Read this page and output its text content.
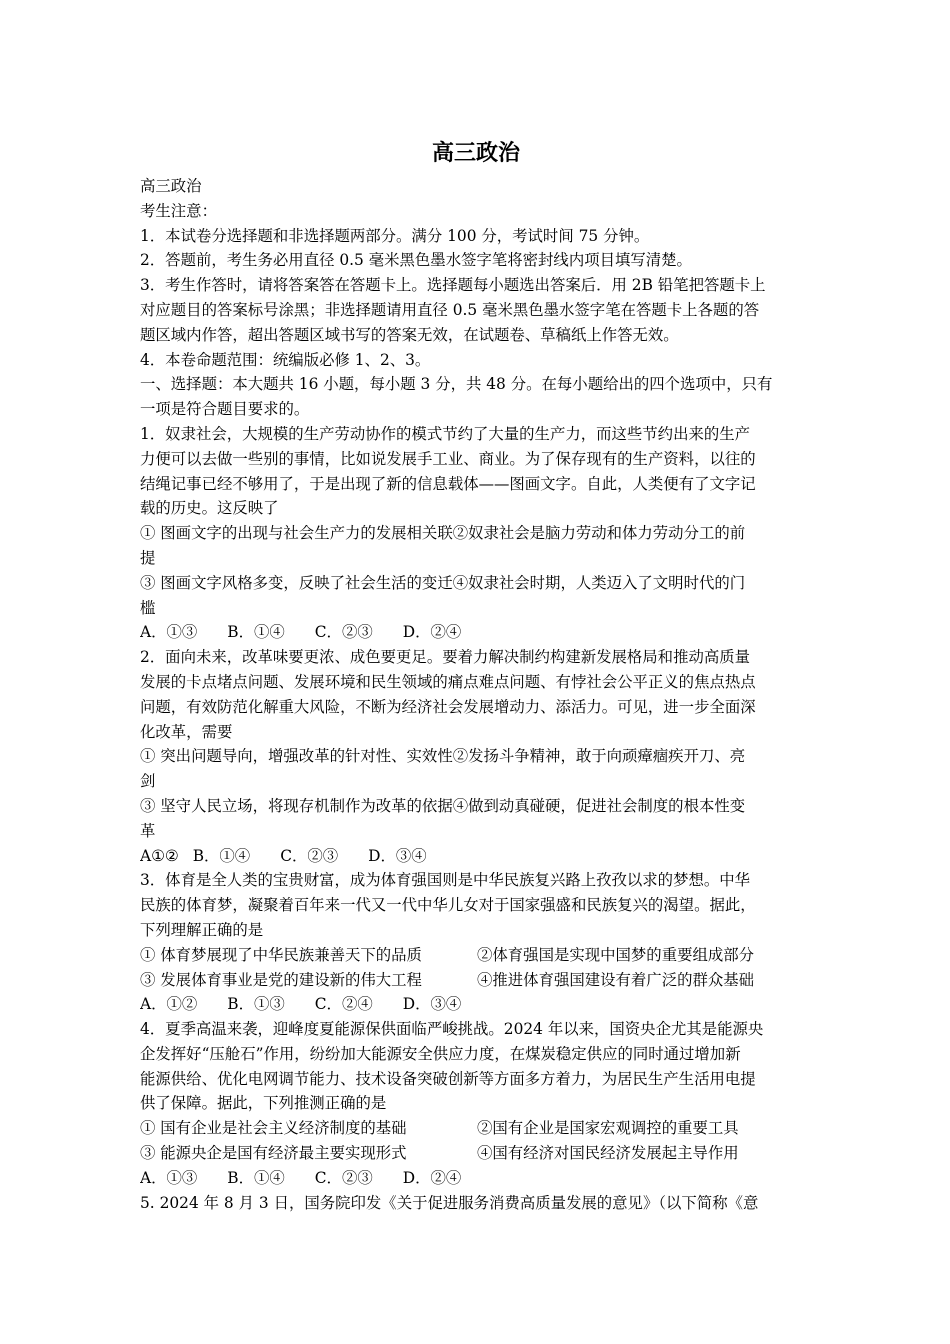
高三政治
高三政治
考生注意：
1．本试卷分选择题和非选择题两部分。满分 100 分，考试时间 75 分钟。
2．答题前，考生务必用直径 0.5 毫米黑色墨水签字笔将密封线内项目填写清楚。
3．考生作答时，请将答案答在答题卡上。选择题每小题选出答案后．用 2B 铅笔把答题卡上
对应题目的答案标号涂黑；非选择题请用直径 0.5 毫米黑色墨水签字笔在答题卡上各题的答
题区域内作答，超出答题区域书写的答案无效，在试题卷、草稿纸上作答无效。
4．本卷命题范围：统编版必修 1、2、3。
一、选择题：本大题共 16 小题，每小题 3 分，共 48 分。在每小题给出的四个选项中，只有
一项是符合题目要求的。
1．奴隶社会，大规模的生产劳动协作的模式节约了大量的生产力，而这些节约出来的生产
力便可以去做一些别的事情，比如说发展手工业、商业。为了保存现有的生产资料，以往的
结绳记事已经不够用了，于是出现了新的信息载体——图画文字。自此，人类便有了文字记
载的历史。这反映了
① 图画文字的出现与社会生产力的发展相关联②奴隶社会是脑力劳动和体力劳动分工的前
提
③ 图画文字风格多变，反映了社会生活的变迁④奴隶社会时期，人类迈入了文明时代的门
槛
A．①③ B．①④ C．②③ D．②④
2．面向未来，改革味要更浓、成色要更足。要着力解决制约构建新发展格局和推动高质量
发展的卡点堵点问题、发展环境和民生领域的痛点难点问题、有悖社会公平正义的焦点热点
问题，有效防范化解重大风险，不断为经济社会发展增动力、添活力。可见，进一步全面深
化改革，需要
① 突出问题导向，增强改革的针对性、实效性②发扬斗争精神，敢于向顽瘴痼疾开刀、亮
剑
③ 坚守人民立场，将现存机制作为改革的依据④做到动真碰硬，促进社会制度的根本性变
革
A①② B．①④ C．②③ D．③④
3．体育是全人类的宝贵财富，成为体育强国则是中华民族复兴路上孜孜以求的梦想。中华
民族的体育梦，凝聚着百年来一代又一代中华儿女对于国家强盛和民族复兴的渴望。据此，
下列理解正确的是
① 体育梦展现了中华民族兼善天下的品质	②体育强国是实现中国梦的重要组成部分
③ 发展体育事业是党的建设新的伟大工程	④推进体育强国建设有着广泛的群众基础
A．①② B．①③ C．②④ D．③④
4．夏季高温来袭，迎峰度夏能源保供面临严峻挑战。2024 年以来，国资央企尤其是能源央
企发挥好“压舱石”作用，纷纷加大能源安全供应力度，在煤炭稳定供应的同时通过增加新
能源供给、优化电网调节能力、技术设备突破创新等方面多方着力，为居民生产生活用电提
供了保障。据此，下列推测正确的是
① 国有企业是社会主义经济制度的基础	②国有企业是国家宏观调控的重要工具
③ 能源央企是国有经济最主要实现形式	④国有经济对国民经济发展起主导作用
A．①③ B．①④ C．②③ D．②④
5. 2024 年 8 月 3 日，国务院印发《关于促进服务消费高质量发展的意见》（以下简称《意
